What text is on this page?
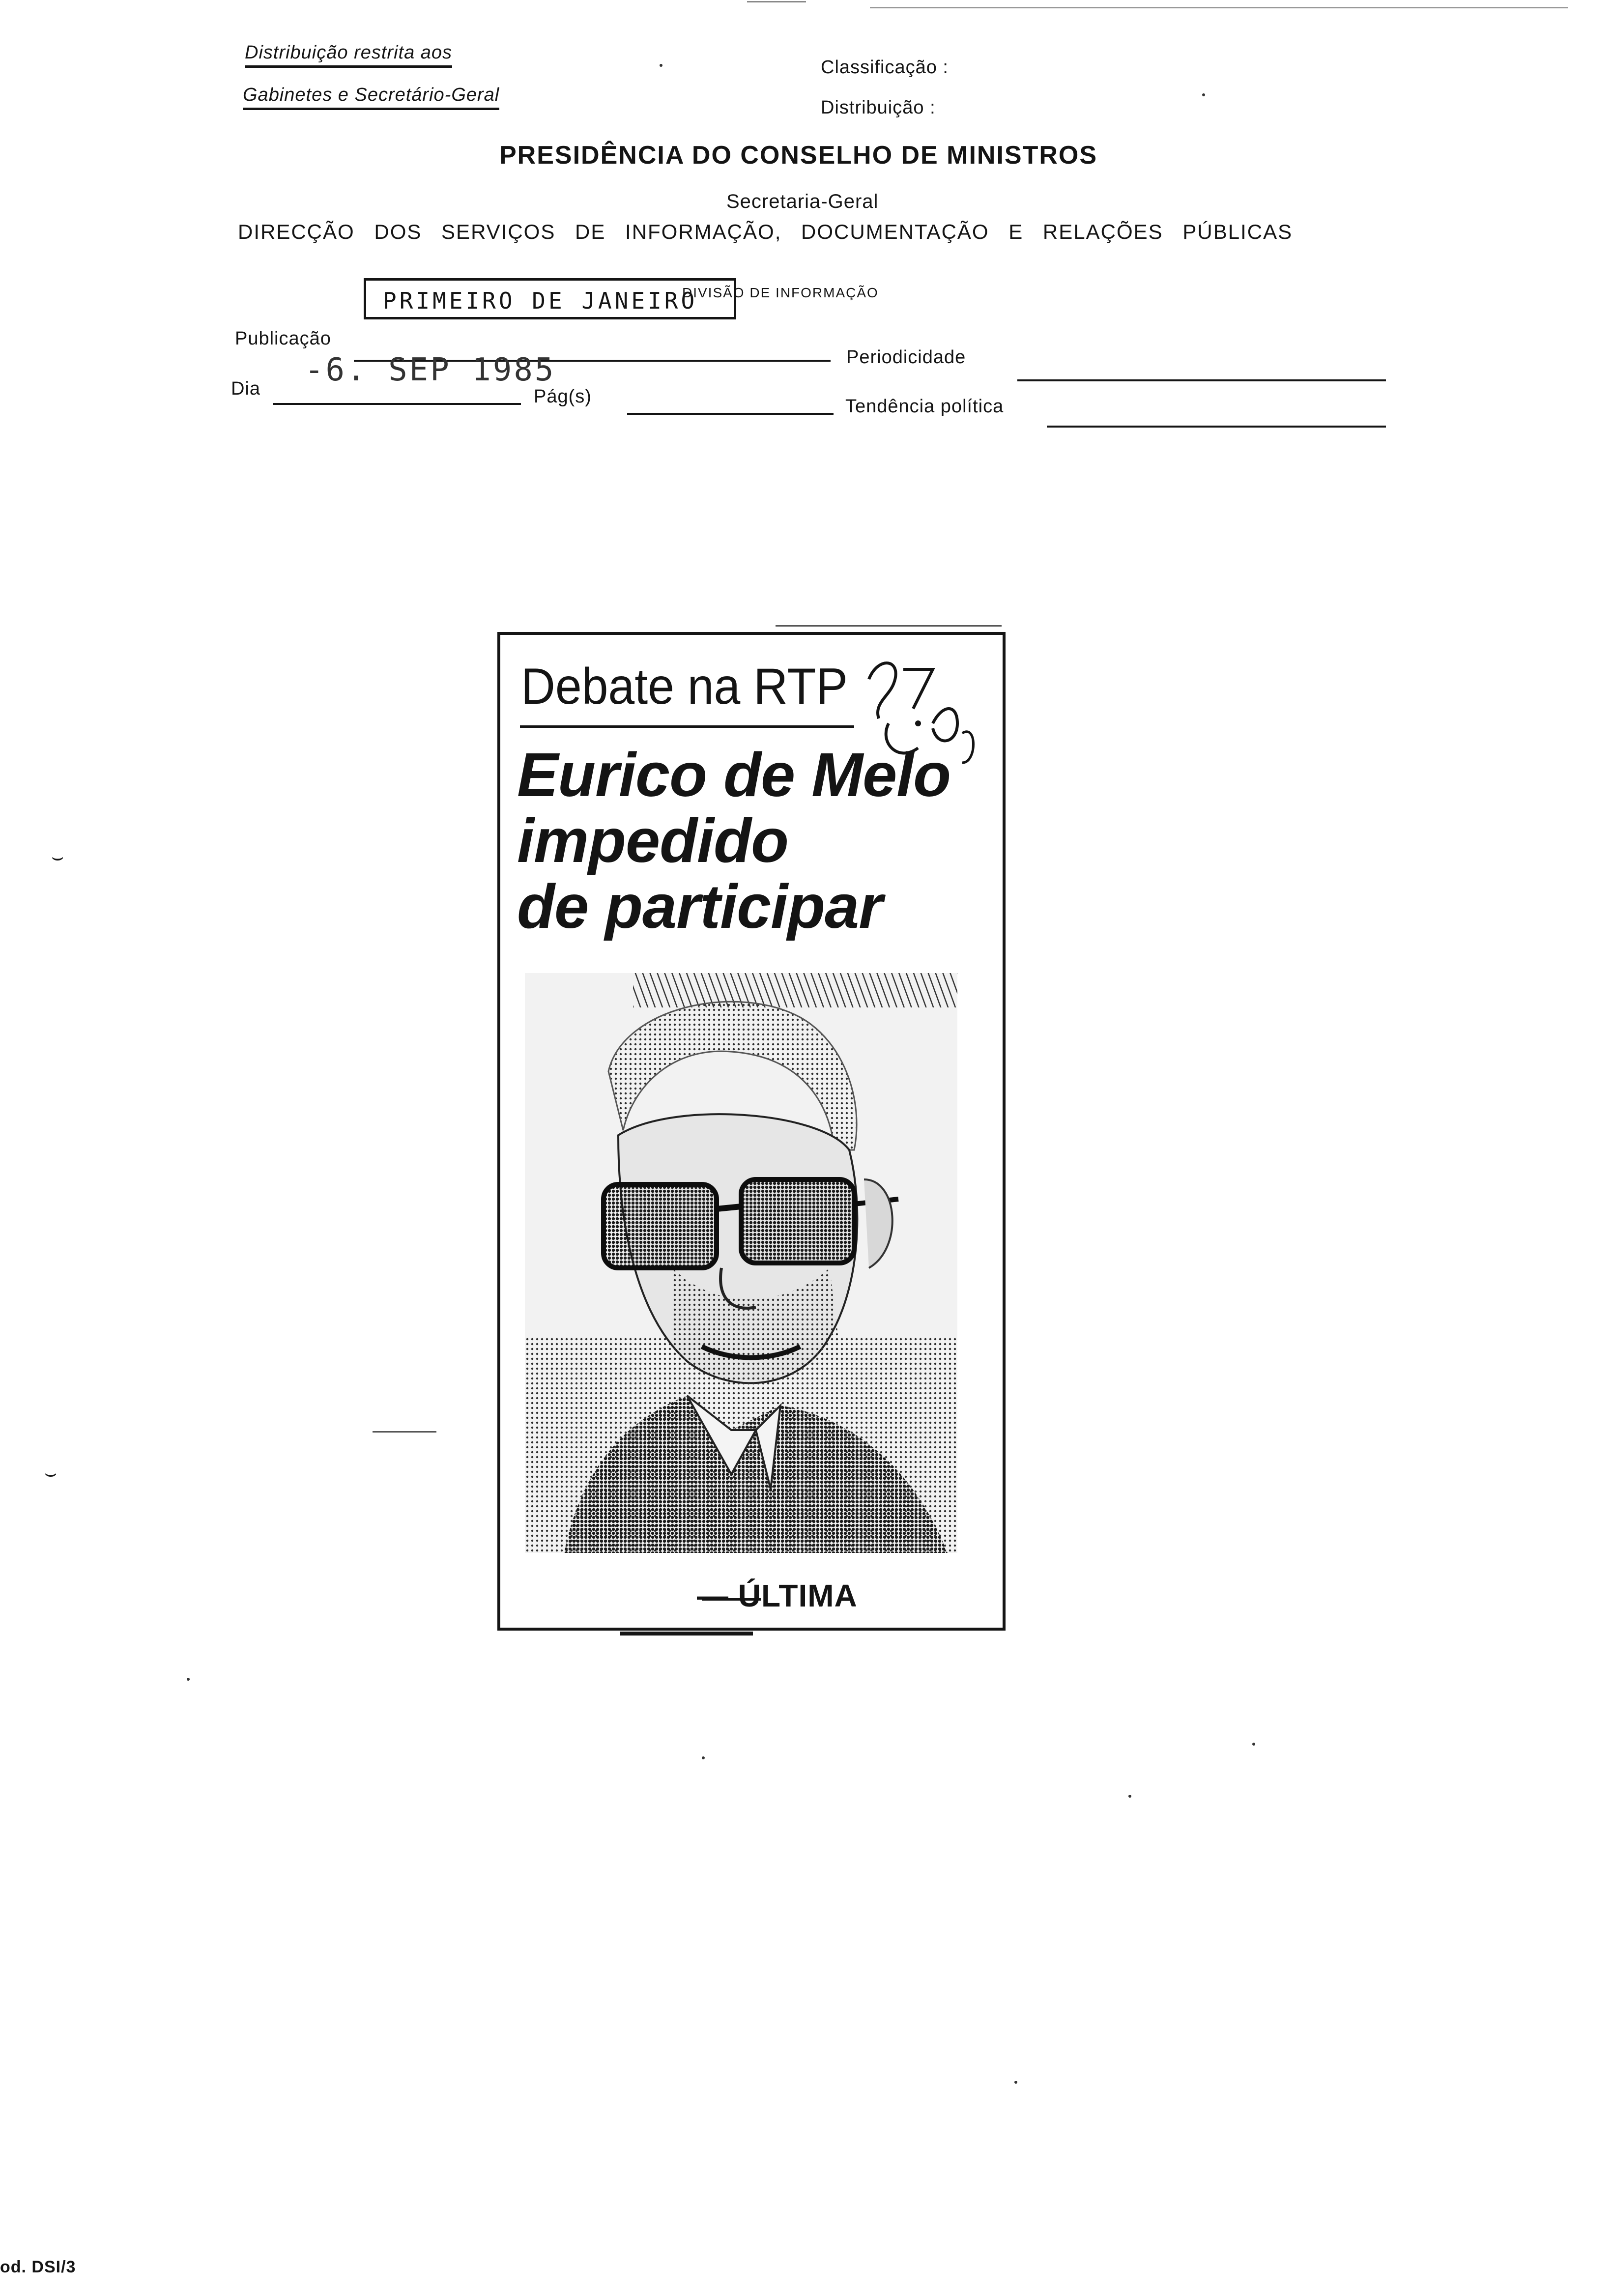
Distribuição restrita aos
Gabinetes e Secretário-Geral
Classificação :
Distribuição :
PRESIDÊNCIA DO CONSELHO DE MINISTROS
Secretaria-Geral
DIRECÇÃO DOS SERVIÇOS DE INFORMAÇÃO, DOCUMENTAÇÃO E RELAÇÕES PÚBLICAS
DIVISÃO DE INFORMAÇÃO
PRIMEIRO DE JANEIRO
Publicação
Periodicidade
-6. SEP 1985
Dia	Pág(s)	Tendência política
Debate na RTP
Eurico de Melo
impedido
de participar
— ÚLTIMA
⌣
⌣
od. DSI/3
